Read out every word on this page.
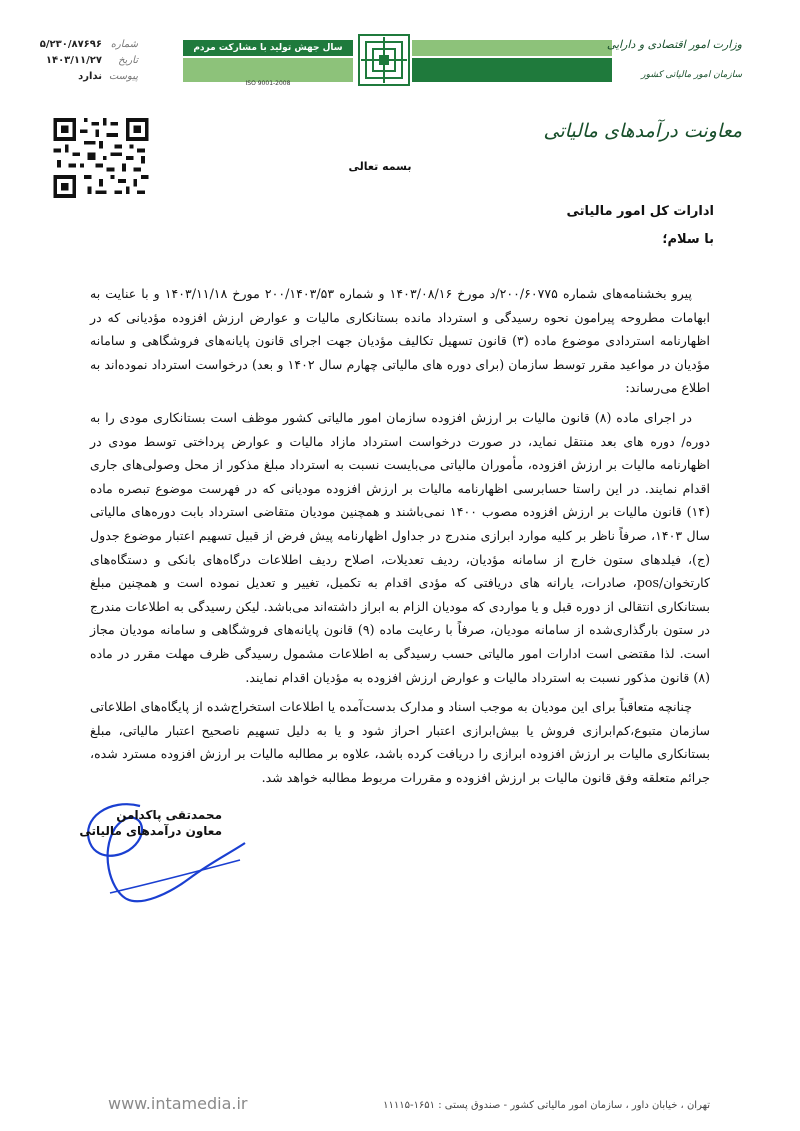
شماره
۵/۲۳۰/۸۷۶۹۶
تاریخ
۱۴۰۳/۱۱/۲۷
پیوست
ندارد
سال جهش تولید با مشارکت مردم
ISO 9001-2008
وزارت امور اقتصادی و دارایی
سازمان امور مالیاتی کشور
معاونت درآمدهای مالیاتی
بسمه تعالی
ادارات کل امور مالیاتی
با سلام؛

پیرو بخشنامه‌های شماره ۲۰۰/۶۰۷۷۵/د مورخ ۱۴۰۳/۰۸/۱۶ و شماره ۲۰۰/۱۴۰۳/۵۳ مورخ ۱۴۰۳/۱۱/۱۸ و با عنایت به ابهامات مطروحه پیرامون نحوه رسیدگی و استرداد مانده بستانکاری مالیات و عوارض ارزش افزوده مؤدیانی که در اظهارنامه استردادی موضوع ماده (۳) قانون تسهیل تکالیف مؤدیان جهت اجرای قانون پایانه‌های فروشگاهی و سامانه مؤدیان در مواعید مقرر توسط سازمان (برای دوره های مالیاتی چهارم سال ۱۴۰۲ و بعد) درخواست استرداد نموده‌اند به اطلاع می‌رساند:

در اجرای ماده (۸) قانون مالیات بر ارزش افزوده سازمان امور مالیاتی کشور موظف است بستانکاری مودی را به دوره/ دوره های بعد منتقل نماید، در صورت درخواست استرداد مازاد مالیات و عوارض پرداختی توسط مودی در اظهارنامه مالیات بر ارزش افزوده، مأموران مالیاتی می‌بایست نسبت به استرداد مبلغ مذکور از محل وصولی‌های جاری اقدام نمایند. در این راستا حسابرسی اظهارنامه مالیات بر ارزش افزوده مودیانی که در فهرست موضوع تبصره ماده (۱۴) قانون مالیات بر ارزش افزوده مصوب ۱۴۰۰ نمی‌باشند و همچنین مودیان متقاضی استرداد بابت دوره‌های مالیاتی سال ۱۴۰۳، صرفاً ناظر بر کلیه موارد ابرازی مندرج در جداول اظهارنامه پیش فرض از قبیل تسهیم اعتبار موضوع جدول (ج)، فیلدهای ستون خارج از سامانه مؤدیان، ردیف تعدیلات، اصلاح ردیف اطلاعات درگاه‌های بانکی و دستگاه‌های کارتخوان/pos، صادرات، یارانه های دریافتی که مؤدی اقدام به تکمیل، تغییر و تعدیل نموده است و همچنین مبلغ بستانکاری انتقالی از دوره قبل و یا مواردی که مودیان الزام به ابراز داشته‌اند می‌باشد. لیکن رسیدگی به اطلاعات مندرج در ستون بارگذاری‌شده از سامانه مودیان، صرفاً با رعایت ماده (۹) قانون پایانه‌های فروشگاهی و سامانه مودیان مجاز است. لذا مقتضی است ادارات امور مالیاتی حسب رسیدگی به اطلاعات مشمول رسیدگی ظرف مهلت مقرر در ماده (۸) قانون مذکور نسبت به استرداد مالیات و عوارض ارزش افزوده به مؤدیان اقدام نمایند.

چنانچه متعاقباً برای این مودیان به موجب اسناد و مدارک بدست‌آمده یا اطلاعات استخراج‌شده از پایگاه‌های اطلاعاتی سازمان متبوع،کم‌ابرازی فروش یا بیش‌ابرازی اعتبار احراز شود و یا به دلیل تسهیم ناصحیح اعتبار مالیاتی، مبلغ بستانکاری مالیات بر ارزش افزوده ابرازی را دریافت کرده باشد، علاوه بر مطالبه مالیات بر ارزش افزوده مسترد شده، جرائم متعلقه وفق قانون مالیات بر ارزش افزوده و مقررات مربوط مطالبه خواهد شد.

محمدتقی پاکدامن
معاون درآمدهای مالیاتی
www.intamedia.ir	تهران ، خیابان داور ، سازمان امور مالیاتی کشور - صندوق پستی : ۱۶۵۱-۱۱۱۱۵
